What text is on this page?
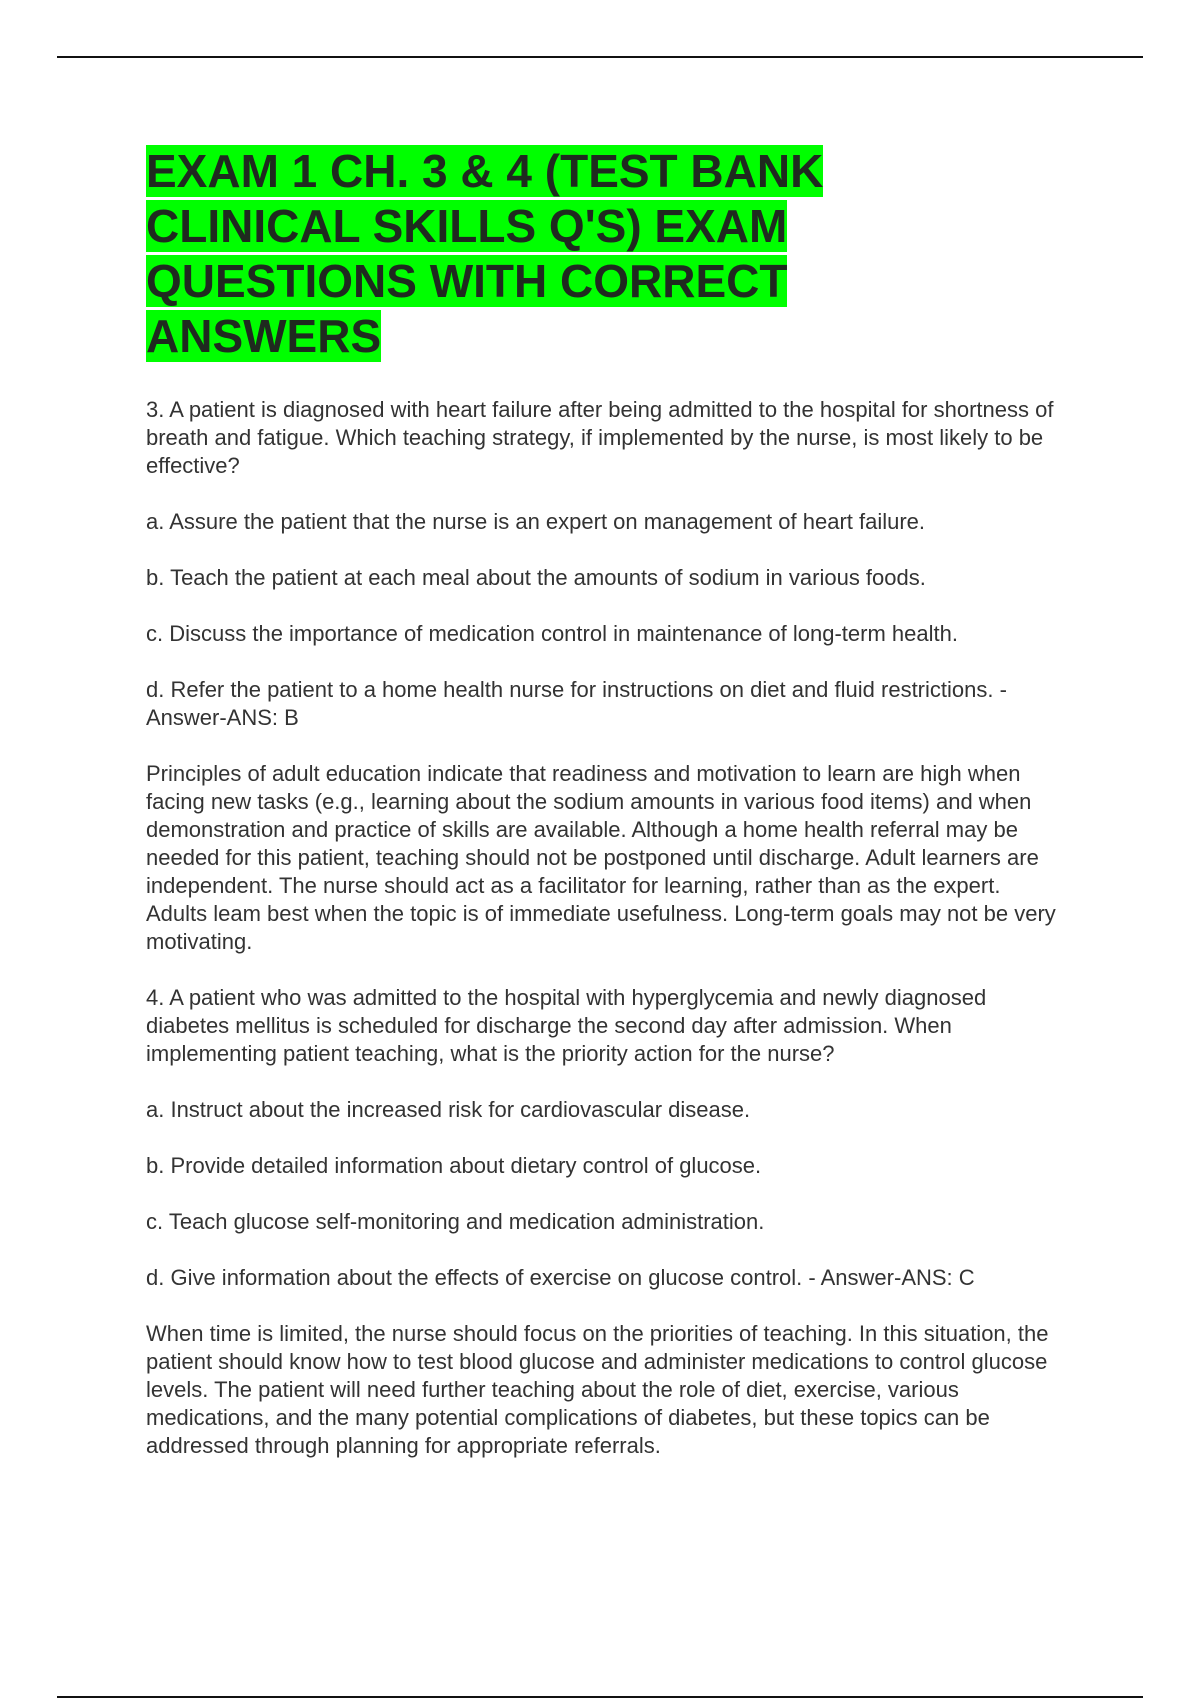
EXAM 1 CH. 3 & 4 (TEST BANK CLINICAL SKILLS Q'S) EXAM QUESTIONS WITH CORRECT ANSWERS

3. A patient is diagnosed with heart failure after being admitted to the hospital for shortness of breath and fatigue. Which teaching strategy, if implemented by the nurse, is most likely to be effective?

a. Assure the patient that the nurse is an expert on management of heart failure.

b. Teach the patient at each meal about the amounts of sodium in various foods.

c. Discuss the importance of medication control in maintenance of long-term health.

d. Refer the patient to a home health nurse for instructions on diet and fluid restrictions. - Answer-ANS: B

Principles of adult education indicate that readiness and motivation to learn are high when facing new tasks (e.g., learning about the sodium amounts in various food items) and when demonstration and practice of skills are available. Although a home health referral may be needed for this patient, teaching should not be postponed until discharge. Adult learners are independent. The nurse should act as a facilitator for learning, rather than as the expert. Adults leam best when the topic is of immediate usefulness. Long-term goals may not be very motivating.

4. A patient who was admitted to the hospital with hyperglycemia and newly diagnosed diabetes mellitus is scheduled for discharge the second day after admission. When implementing patient teaching, what is the priority action for the nurse?

a. Instruct about the increased risk for cardiovascular disease.

b. Provide detailed information about dietary control of glucose.

c. Teach glucose self-monitoring and medication administration.

d. Give information about the effects of exercise on glucose control. - Answer-ANS: C

When time is limited, the nurse should focus on the priorities of teaching. In this situation, the patient should know how to test blood glucose and administer medications to control glucose levels. The patient will need further teaching about the role of diet, exercise, various medications, and the many potential complications of diabetes, but these topics can be addressed through planning for appropriate referrals.
